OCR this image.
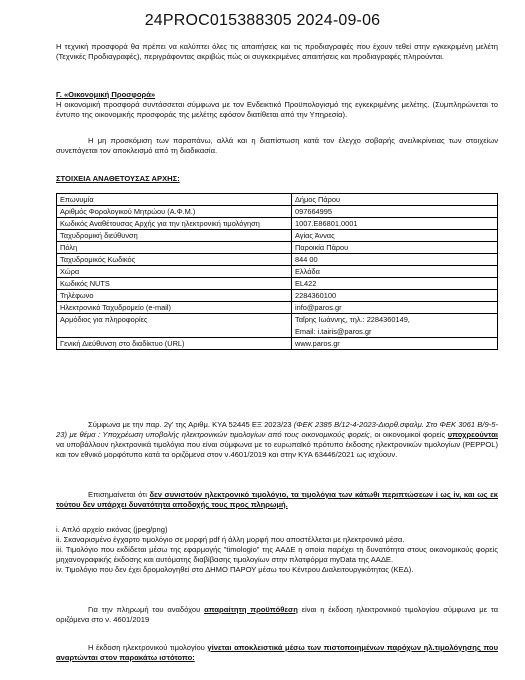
24PROC015388305 2024-09-06

Η τεχνική προσφορά θα πρέπει να καλύπτει όλες τις απαιτήσεις και τις προδιαγραφές που έχουν τεθεί στην εγκεκριμένη μελέτη (Τεχνικές Προδιαγραφές), περιγράφοντας ακριβώς πώς οι συγκεκριμένες απαιτήσεις και προδιαγραφές πληρούνται.

Γ. «Οικονομική Προσφορά»

Η οικονομική προσφορά συντάσσεται σύμφωνα με τον Ενδεικτικό Προϋπολογισμό της εγκεκριμένης μελέτης. (Συμπληρώνεται το έντυπο της οικονομικής προσφοράς της μελέτης εφόσον διατίθεται από την Υπηρεσία).

Η μη προσκόμιση των παραπάνω, αλλά και η διαπίστωση κατά τον έλεγχο σοβαρής ανειλικρίνειας των στοιχείων συνεπάγεται τον αποκλεισμό από τη διαδικασία.

ΣΤΟΙΧΕΙΑ ΑΝΑΘΕΤΟΥΣΑΣ ΑΡΧΗΣ:
Επωνυμία	Δήμος Πάρου
Αριθμός Φορολογικού Μητρώου (Α.Φ.Μ.)	097664995
Κωδικός Αναθέτουσας Αρχής για την ηλεκτρονική τιμολόγηση	1007.E86801.0001
Ταχυδρομική διεύθυνση	Αγίας Άννας
Πόλη	Παροικία Πάρου
Ταχυδρομικός Κωδικός	844 00
Χώρα	Ελλάδα
Κωδικός NUTS	EL422
Τηλέφωνο	2284360100
Ηλεκτρονικό Ταχυδρομείο (e-mail)	info@paros.gr
Αρμόδιος για πληροφορίες	Ταΐρης Ιωάννης, τηλ.: 2284360149,
Email: i.tairis@paros.gr

Γενική Διεύθυνση στο διαδίκτυο (URL)	www.paros.gr

Σύμφωνα με την παρ. 2γ' της Αριθμ. ΚΥΑ 52445 ΕΞ 2023/23 (ΦΕΚ 2385 Β/12-4-2023-Διορθ.σφαλμ. Στο ΦΕΚ 3061 Β/9-5-23) με θέμα : Υποχρέωση υποβολής ηλεκτρονικών τιμολογίων από τους οικονομικούς φορείς, οι οικονομικοί φορείς υποχρεούνται να υποβάλλουν ηλεκτρονικά τιμολόγια που είναι σύμφωνα με το ευρωπαϊκό πρότυπο έκδοσης ηλεκτρονικών τιμολογίων (PEPPOL) και τον εθνικό μορφότυπο κατά τα οριζόμενα στον ν.4601/2019 και στην ΚΥΑ 63446/2021 ως ισχύουν.

Επισημαίνεται ότι δεν συνιστούν ηλεκτρονικό τιμολόγιο, τα τιμολόγια των κάτωθι περιπτώσεων i ως iv, και ως εκ τούτου δεν υπάρχει δυνατότητα αποδοχής τους προς πληρωμή.

i. Απλό αρχείο εικόνας (jpeg/png)
ii. Σκαναρισμένο έγχαρτο τιμολόγιο σε μορφή pdf ή άλλη μορφή που αποστέλλεται με ηλεκτρονικά μέσα.
iii. Τιμολόγιο που εκδίδεται μέσω της εφαρμογής "timologio" της ΑΑΔΕ η οποία παρέχει τη δυνατότητα στους οικονομικούς φορείς μηχανογραφικής έκδοσης και αυτόματης διαβίβασης τιμολογίων στην πλατφόρμα myData της ΑΑΔΕ.
iv. Τιμολόγιο που δεν έχει δρομολογηθεί στο ΔΗΜΟ ΠΑΡΟΥ μέσω του Κέντρου Διαλειτουργικότητας (ΚΕΔ).

Για την πληρωμή του αναδόχου απαραίτητη προϋπόθεση είναι η έκδοση ηλεκτρονικού τιμολογίου σύμφωνα με τα οριζόμενα στο ν. 4601/2019

Η έκδοση ηλεκτρονικού τιμολογίου γίνεται αποκλειστικά μέσω των πιστοποιημένων παρόχων ηλ.τιμολόγησης που αναρτώνται στον παρακάτω ιστότοπο:
